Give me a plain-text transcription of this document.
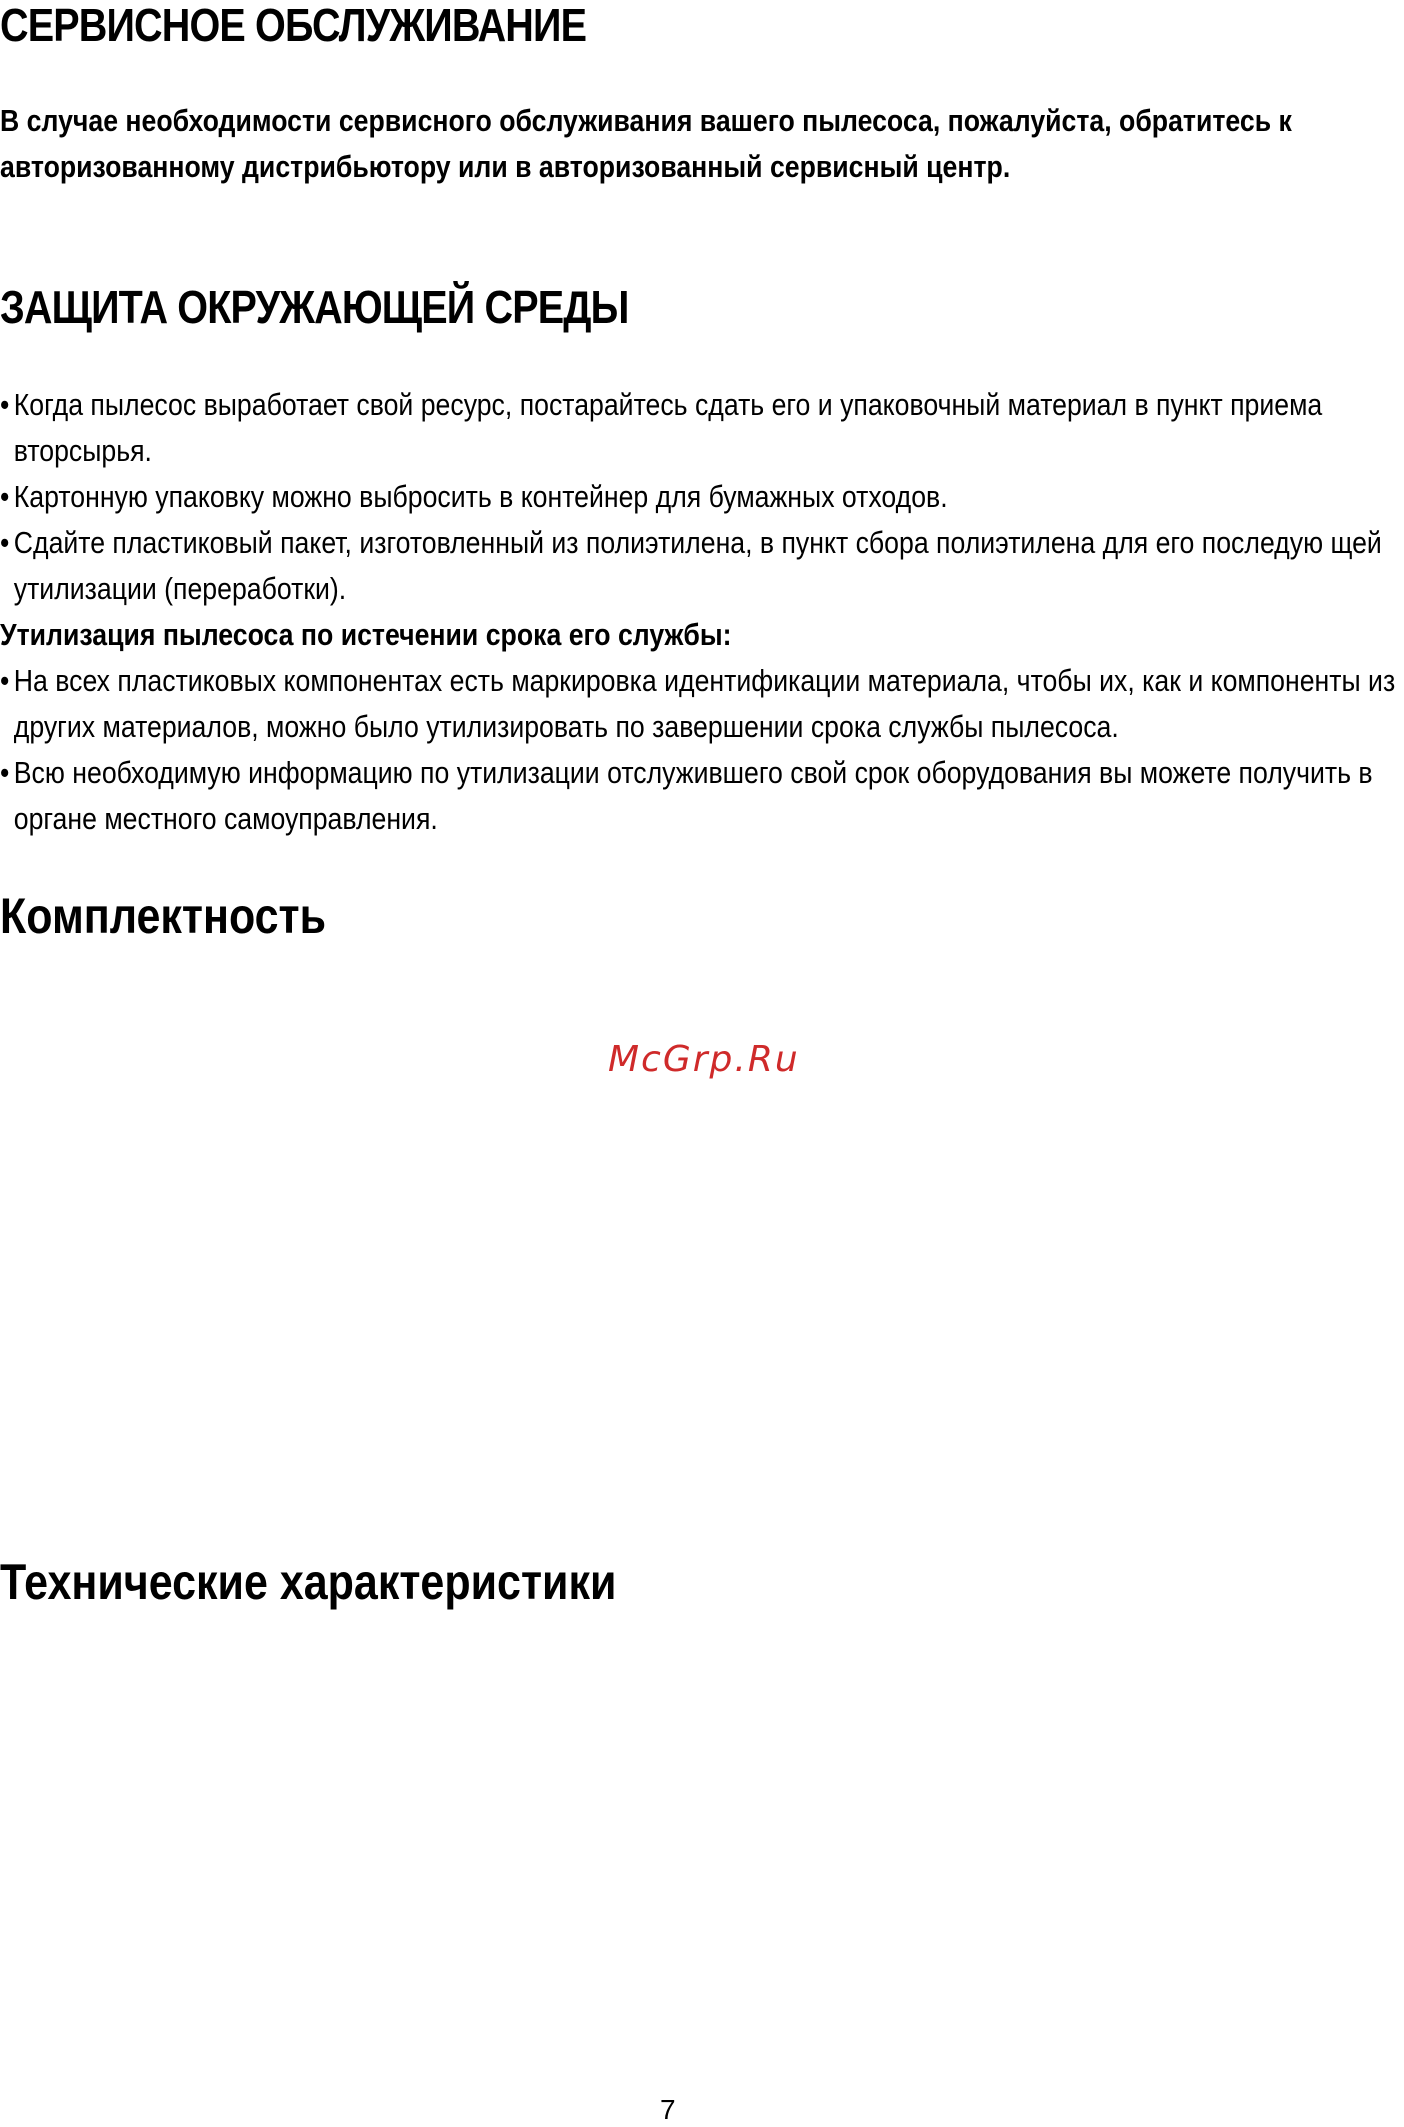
СЕРВИСНОЕ ОБСЛУЖИВАНИЕ

В случае необходимости сервисного обслуживания вашего пылесоса, пожалуйста, обратитесь к авторизованному дистрибьютору или в авторизованный сервисный центр.

ЗАЩИТА ОКРУЖАЮЩЕЙ СРЕДЫ
• Когда пылесос выработает свой ресурс, постарайтесь сдать его и упаковочный материал в пункт приема вторсырья.
• Картонную упаковку можно выбросить в контейнер для бумажных отходов.
• Сдайте пластиковый пакет, изготовленный из полиэтилена, в пункт сбора полиэтилена для его последую щей утилизации (переработки).

Утилизация пылесоса по истечении срока его службы:

• На всех пластиковых компонентах есть маркировка идентификации материала, чтобы их, как и компоненты из других материалов, можно было утилизировать по завершении срока службы пылесоса.
• Всю необходимую информацию по утилизации отслужившего свой срок оборудования вы можете получить в органе местного самоуправления.
Комплектность

McGrp.Ru

Технические характеристики

7
